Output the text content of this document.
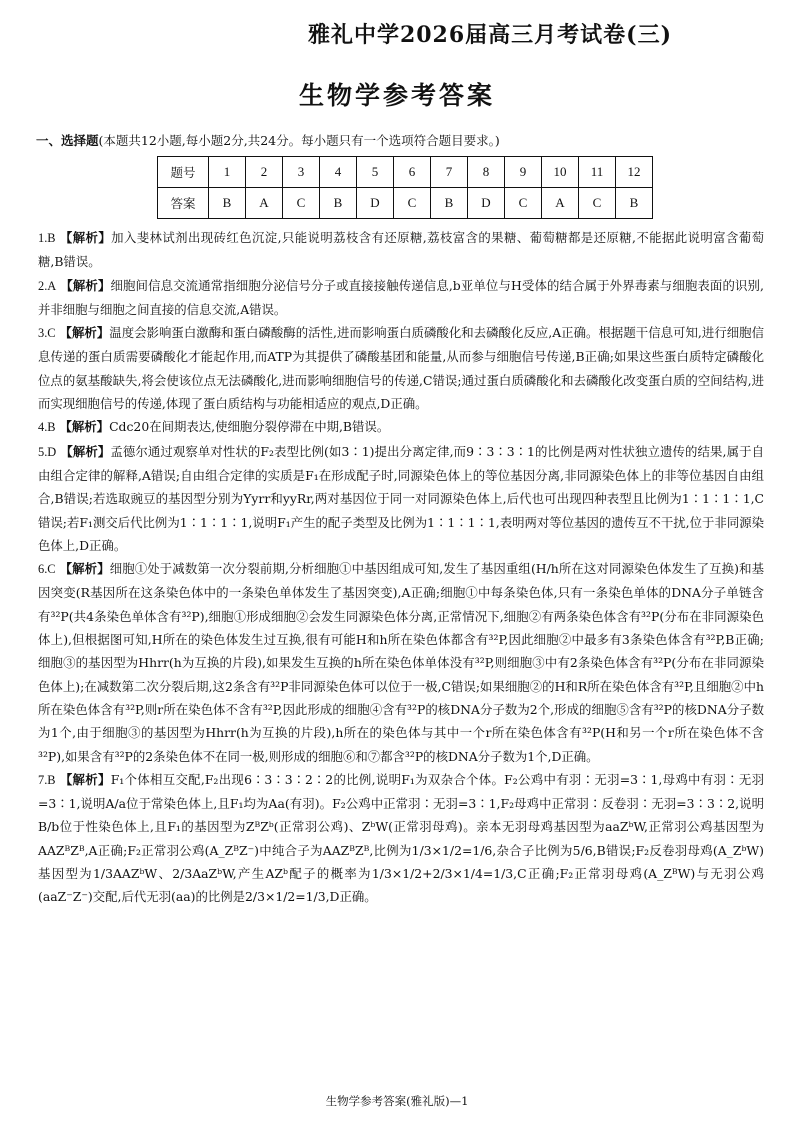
雅礼中学2026届高三月考试卷(三)
生物学参考答案
一、选择题(本题共12小题,每小题2分,共24分。每小题只有一个选项符合题目要求。)
题号	1	2	3	4	5	6	7	8	9	10	11	12
答案	B	A	C	B	D	C	B	D	C	A	C	B

1.B 【解析】加入斐林试剂出现砖红色沉淀,只能说明荔枝含有还原糖,荔枝富含的果糖、葡萄糖都是还原糖,不能据此说明富含葡萄糖,B错误。

2.A 【解析】细胞间信息交流通常指细胞分泌信号分子或直接接触传递信息,b亚单位与H受体的结合属于外界毒素与细胞表面的识别,并非细胞与细胞之间直接的信息交流,A错误。

3.C 【解析】温度会影响蛋白激酶和蛋白磷酸酶的活性,进而影响蛋白质磷酸化和去磷酸化反应,A正确。根据题干信息可知,进行细胞信息传递的蛋白质需要磷酸化才能起作用,而ATP为其提供了磷酸基团和能量,从而参与细胞信号传递,B正确;如果这些蛋白质特定磷酸化位点的氨基酸缺失,将会使该位点无法磷酸化,进而影响细胞信号的传递,C错误;通过蛋白质磷酸化和去磷酸化改变蛋白质的空间结构,进而实现细胞信号的传递,体现了蛋白质结构与功能相适应的观点,D正确。

4.B 【解析】Cdc20在间期表达,使细胞分裂停滞在中期,B错误。

5.D 【解析】孟德尔通过观察单对性状的F₂表型比例(如3∶1)提出分离定律,而9∶3∶3∶1的比例是两对性状独立遗传的结果,属于自由组合定律的解释,A错误;自由组合定律的实质是F₁在形成配子时,同源染色体上的等位基因分离,非同源染色体上的非等位基因自由组合,B错误;若选取豌豆的基因型分别为Yyrr和yyRr,两对基因位于同一对同源染色体上,后代也可出现四种表型且比例为1∶1∶1∶1,C错误;若F₁测交后代比例为1∶1∶1∶1,说明F₁产生的配子类型及比例为1∶1∶1∶1,表明两对等位基因的遗传互不干扰,位于非同源染色体上,D正确。

6.C 【解析】细胞①处于减数第一次分裂前期,分析细胞①中基因组成可知,发生了基因重组(H/h所在这对同源染色体发生了互换)和基因突变(R基因所在这条染色体中的一条染色单体发生了基因突变),A正确;细胞①中每条染色体,只有一条染色单体的DNA分子单链含有³²P(共4条染色单体含有³²P),细胞①形成细胞②会发生同源染色体分离,正常情况下,细胞②有两条染色体含有³²P(分布在非同源染色体上),但根据图可知,H所在的染色体发生过互换,很有可能H和h所在染色体都含有³²P,因此细胞②中最多有3条染色体含有³²P,B正确;细胞③的基因型为Hhrr(h为互换的片段),如果发生互换的h所在染色体单体没有³²P,则细胞③中有2条染色体含有³²P(分布在非同源染色体上);在减数第二次分裂后期,这2条含有³²P非同源染色体可以位于一极,C错误;如果细胞②的H和R所在染色体含有³²P,且细胞②中h所在染色体含有³²P,则r所在染色体不含有³²P,因此形成的细胞④含有³²P的核DNA分子数为2个,形成的细胞⑤含有³²P的核DNA分子数为1个,由于细胞③的基因型为Hhrr(h为互换的片段),h所在的染色体与其中一个r所在染色体含有³²P(H和另一个r所在染色体不含³²P),如果含有³²P的2条染色体不在同一极,则形成的细胞⑥和⑦都含³²P的核DNA分子数为1个,D正确。

7.B 【解析】F₁个体相互交配,F₂出现6∶3∶3∶2∶2的比例,说明F₁为双杂合个体。F₂公鸡中有羽∶无羽=3∶1,母鸡中有羽∶无羽=3∶1,说明A/a位于常染色体上,且F₁均为Aa(有羽)。F₂公鸡中正常羽∶无羽=3∶1,F₂母鸡中正常羽∶反卷羽∶无羽=3∶3∶2,说明B/b位于性染色体上,且F₁的基因型为ZᴮZᵇ(正常羽公鸡)、ZᵇW(正常羽母鸡)。亲本无羽母鸡基因型为aaZᵇW,正常羽公鸡基因型为AAZᴮZᴮ,A正确;F₂正常羽公鸡(A_ZᴮZ⁻)中纯合子为AAZᴮZᴮ,比例为1/3×1/2=1/6,杂合子比例为5/6,B错误;F₂反卷羽母鸡(A_ZᵇW)基因型为1/3AAZᵇW、2/3AaZᵇW,产生AZᵇ配子的概率为1/3×1/2+2/3×1/4=1/3,C正确;F₂正常羽母鸡(A_ZᴮW)与无羽公鸡(aaZ⁻Z⁻)交配,后代无羽(aa)的比例是2/3×1/2=1/3,D正确。

生物学参考答案(雅礼版)—1
